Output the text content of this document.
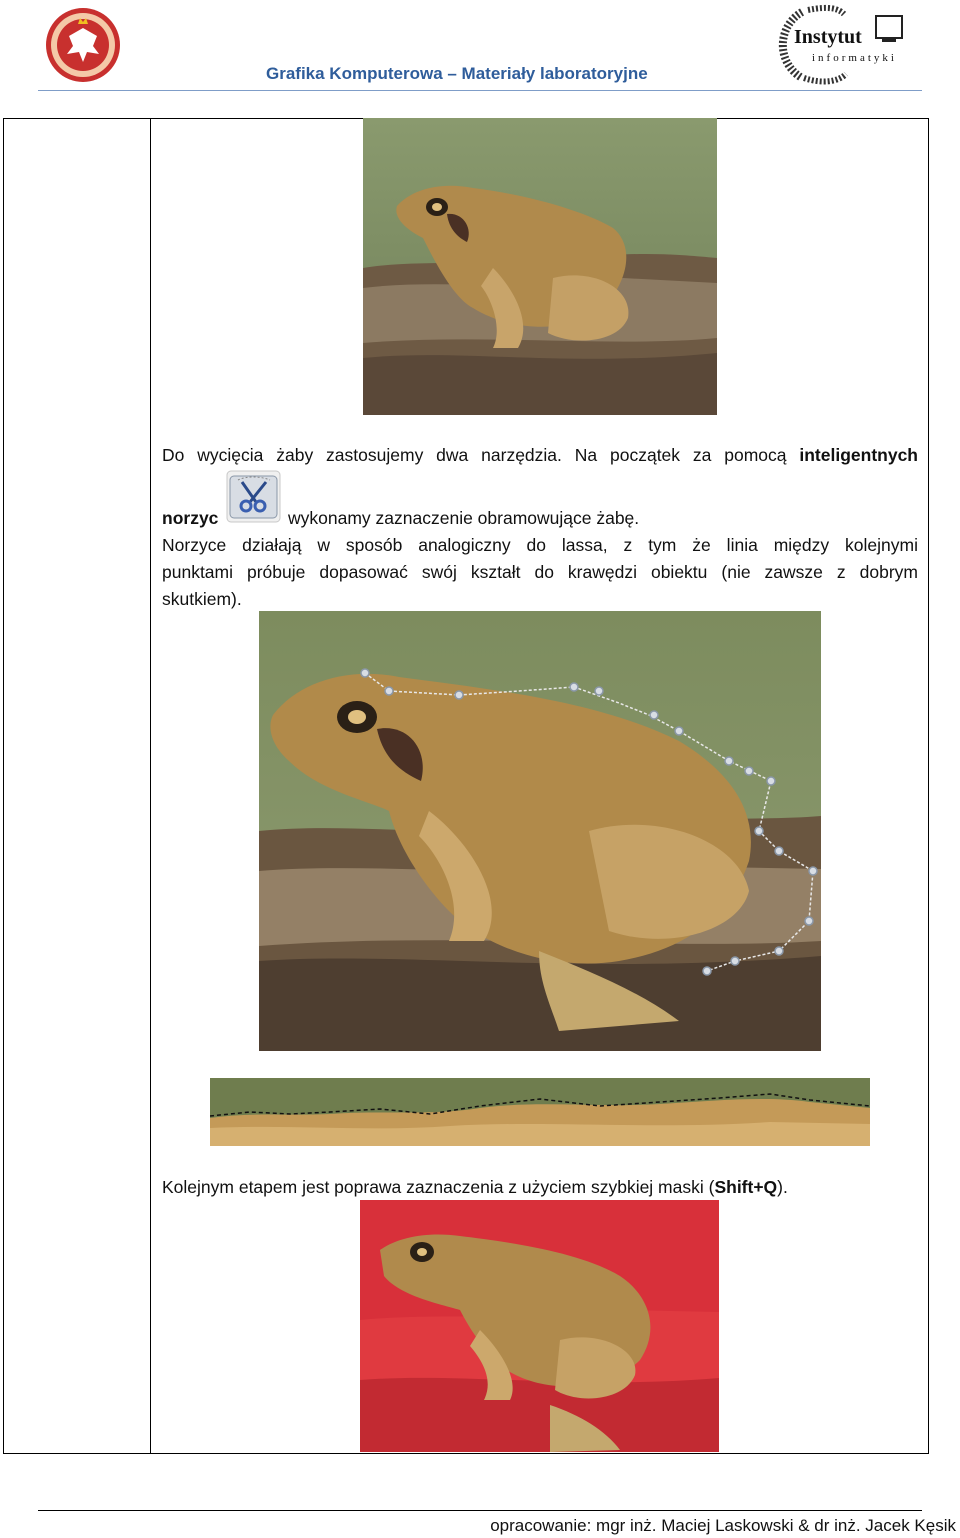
Grafika Komputerowa – Materiały laboratoryjne
Instytut
informatyki
Do wycięcia żaby zastosujemy dwa narzędzia. Na początek za pomocą inteligentnych
norzyc	wykonamy zaznaczenie obramowujące żabę.
Norzyce działają w sposób analogiczny do lassa, z tym że linia między kolejnymi
punktami próbuje dopasować swój kształt do krawędzi obiektu (nie zawsze z dobrym
skutkiem).
Kolejnym etapem jest poprawa zaznaczenia z użyciem szybkiej maski (Shift+Q).
opracowanie: mgr inż. Maciej Laskowski & dr inż. Jacek Kęsik
